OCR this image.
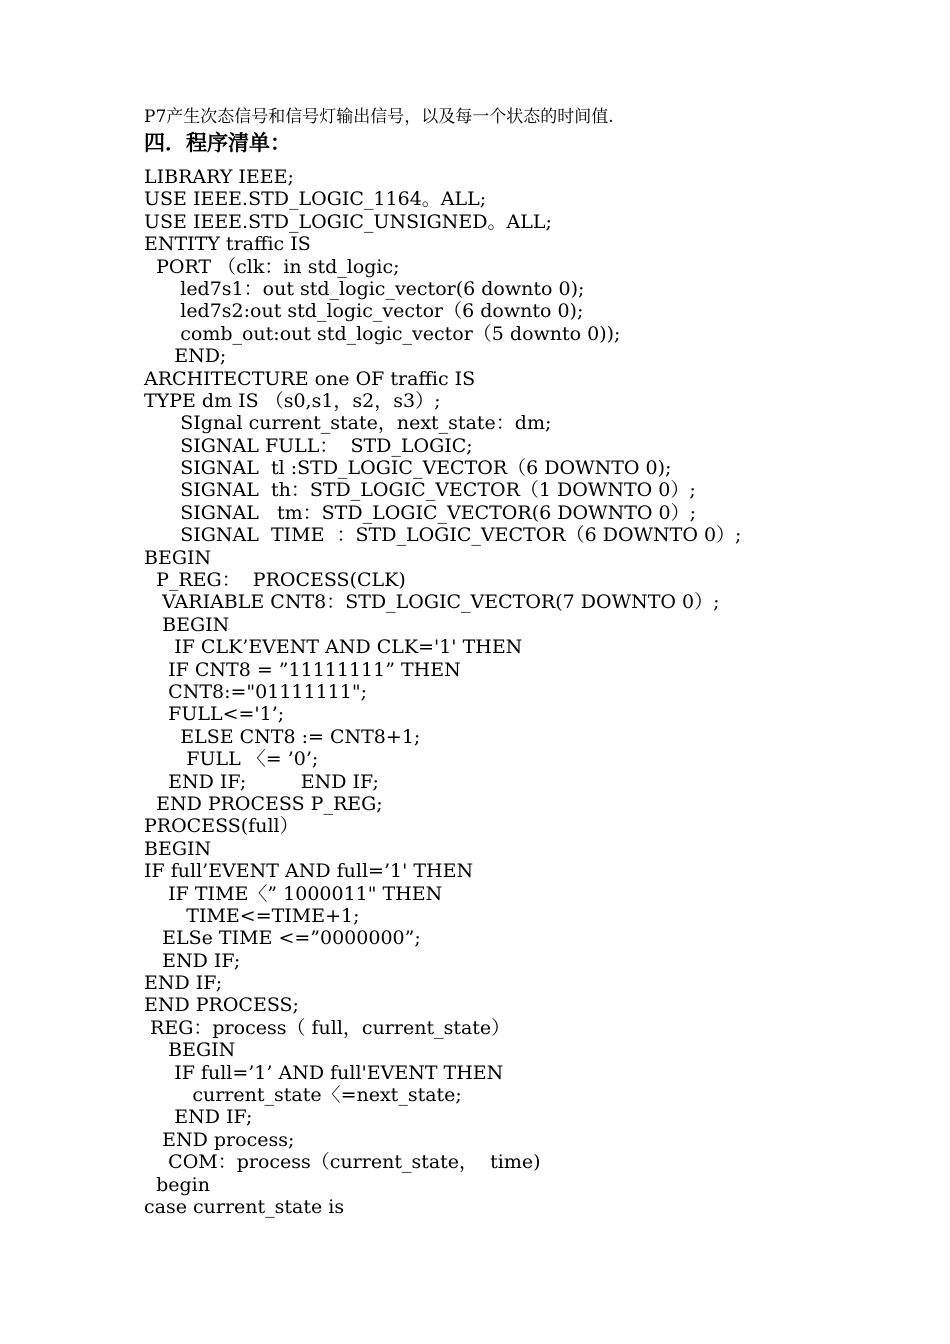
P7产生次态信号和信号灯输出信号，以及每一个状态的时间值.
四．程序清单：
LIBRARY IEEE;
USE IEEE.STD_LOGIC_1164。ALL;
USE IEEE.STD_LOGIC_UNSIGNED。ALL;
ENTITY traffic IS
PORT （clk：in std_logic;
led7s1：out std_logic_vector(6 downto 0);
led7s2:out std_logic_vector（6 downto 0);
comb_out:out std_logic_vector（5 downto 0));
END;
ARCHITECTURE one OF traffic IS
TYPE dm IS （s0,s1，s2，s3）;
SIgnal current_state，next_state：dm;
SIGNAL FULL：  STD_LOGIC;
SIGNAL  tl :STD_LOGIC_VECTOR（6 DOWNTO 0);
SIGNAL  th：STD_LOGIC_VECTOR（1 DOWNTO 0）;
SIGNAL   tm：STD_LOGIC_VECTOR(6 DOWNTO 0）;
SIGNAL  TIME  ：STD_LOGIC_VECTOR（6 DOWNTO 0）;
BEGIN
P_REG：  PROCESS(CLK)
VARIABLE CNT8：STD_LOGIC_VECTOR(7 DOWNTO 0）;
BEGIN
IF CLK’EVENT AND CLK='1' THEN
IF CNT8 = ”11111111” THEN
CNT8:="01111111";
FULL<='1’;
ELSE CNT8 := CNT8+1;
FULL 〈= ’0’;
END IF;         END IF;
END PROCESS P_REG;
PROCESS(full）
BEGIN
IF full’EVENT AND full=’1' THEN
IF TIME〈” 1000011" THEN
TIME<=TIME+1;
ELSe TIME <=”0000000”;
END IF;
END IF;
END PROCESS;
REG：process（ full，current_state）
BEGIN
IF full=’1’ AND full'EVENT THEN
current_state〈=next_state;
END IF;
END process;
COM：process（current_state，  time)
begin
case current_state is
